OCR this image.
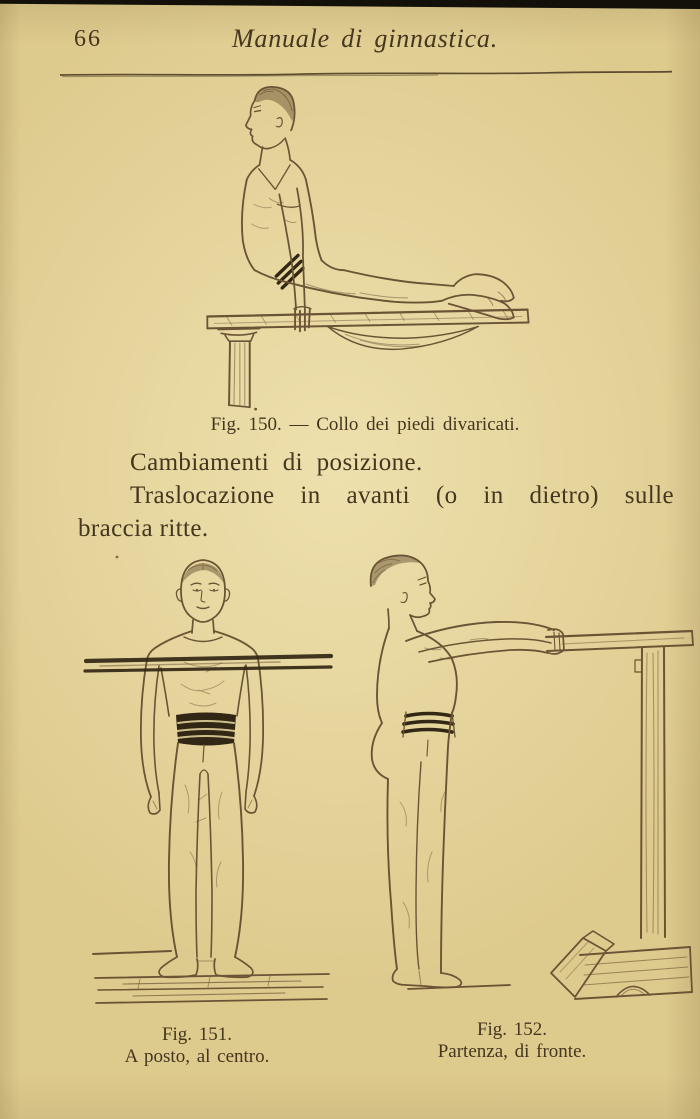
66	Manuale di ginnastica.
Fig. 150. — Collo dei piedi divaricati.
Cambiamenti di posizione.
Traslocazione in avanti (o in dietro) sulle
braccia ritte.
Fig. 151.
A posto, al centro.
Fig. 152.
Partenza, di fronte.
